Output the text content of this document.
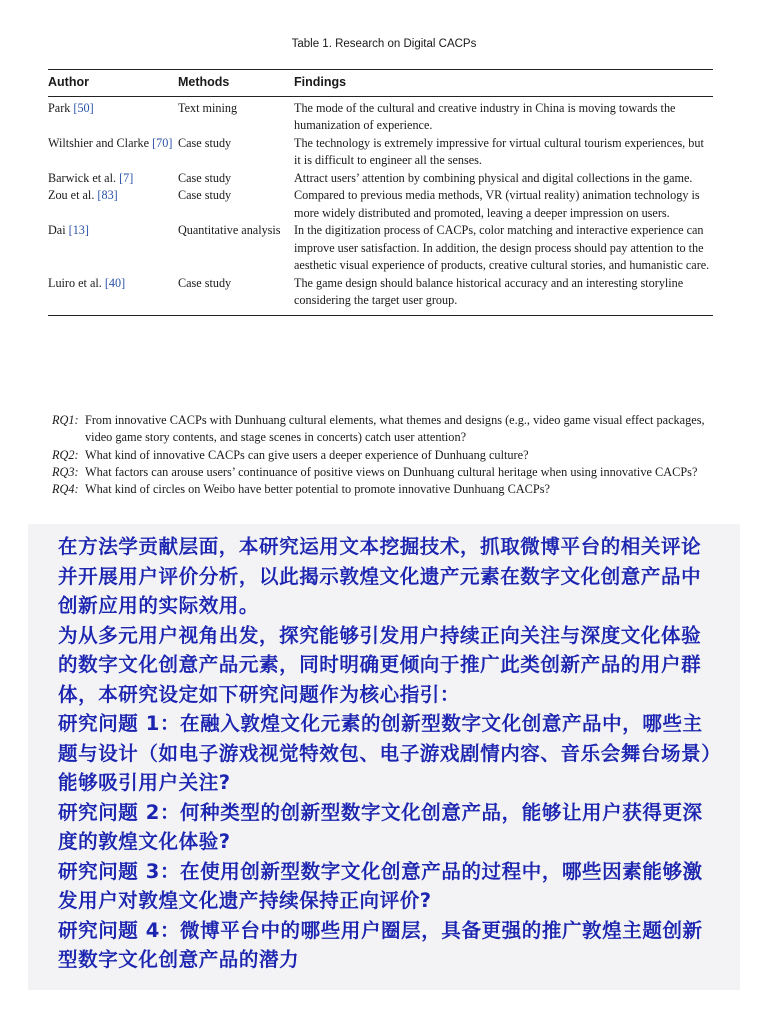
Table 1. Research on Digital CACPs
Author	Methods	Findings
Park [50]	Text mining	The mode of the cultural and creative industry in China is moving towards the humanization of experience.
Wiltshier and Clarke [70]	Case study	The technology is extremely impressive for virtual cultural tourism experiences, but it is difficult to engineer all the senses.
Barwick et al. [7]	Case study	Attract users’ attention by combining physical and digital collections in the game.
Zou et al. [83]	Case study	Compared to previous media methods, VR (virtual reality) animation technology is more widely distributed and promoted, leaving a deeper impression on users.
Dai [13]	Quantitative analysis	In the digitization process of CACPs, color matching and interactive experience can improve user satisfaction. In addition, the design process should pay attention to the aesthetic visual experience of products, creative cultural stories, and humanistic care.
Luiro et al. [40]	Case study	The game design should balance historical accuracy and an interesting storyline considering the target user group.
RQ1: From innovative CACPs with Dunhuang cultural elements, what themes and designs (e.g., video game visual effect packages, video game story contents, and stage scenes in concerts) catch user attention?
RQ2: What kind of innovative CACPs can give users a deeper experience of Dunhuang culture?
RQ3: What factors can arouse users’ continuance of positive views on Dunhuang cultural heritage when using innovative CACPs?
RQ4: What kind of circles on Weibo have better potential to promote innovative Dunhuang CACPs?

在方法学贡献层面，本研究运用文本挖掘技术，抓取微博平台的相关评论并开展用户评价分析，以此揭示敦煌文化遗产元素在数字文化创意产品中创新应用的实际效用。

为从多元用户视角出发，探究能够引发用户持续正向关注与深度文化体验的数字文化创意产品元素，同时明确更倾向于推广此类创新产品的用户群体，本研究设定如下研究问题作为核心指引：

研究问题 1：在融入敦煌文化元素的创新型数字文化创意产品中，哪些主题与设计（如电子游戏视觉特效包、电子游戏剧情内容、音乐会舞台场景）能够吸引用户关注?

研究问题 2：何种类型的创新型数字文化创意产品，能够让用户获得更深度的敦煌文化体验?

研究问题 3：在使用创新型数字文化创意产品的过程中，哪些因素能够激发用户对敦煌文化遗产持续保持正向评价?

研究问题 4：微博平台中的哪些用户圈层，具备更强的推广敦煌主题创新型数字文化创意产品的潜力
